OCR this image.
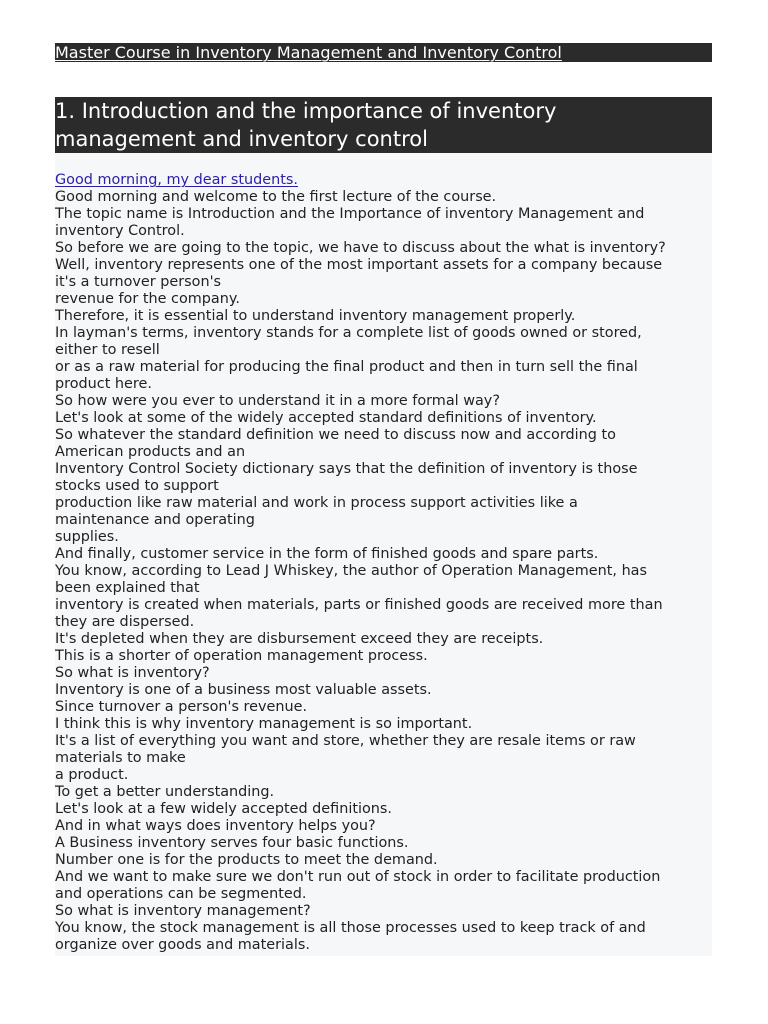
Master Course in Inventory Management and Inventory Control
1. Introduction and the importance of inventory
management and inventory control
Good morning, my dear students.
Good morning and welcome to the first lecture of the course.
The topic name is Introduction and the Importance of inventory Management and
inventory Control.
So before we are going to the topic, we have to discuss about the what is inventory?
Well, inventory represents one of the most important assets for a company because
it's a turnover person's
revenue for the company.
Therefore, it is essential to understand inventory management properly.
In layman's terms, inventory stands for a complete list of goods owned or stored,
either to resell
or as a raw material for producing the final product and then in turn sell the final
product here.
So how were you ever to understand it in a more formal way?
Let's look at some of the widely accepted standard definitions of inventory.
So whatever the standard definition we need to discuss now and according to
American products and an
Inventory Control Society dictionary says that the definition of inventory is those
stocks used to support
production like raw material and work in process support activities like a
maintenance and operating
supplies.
And finally, customer service in the form of finished goods and spare parts.
You know, according to Lead J Whiskey, the author of Operation Management, has
been explained that
inventory is created when materials, parts or finished goods are received more than
they are dispersed.
It's depleted when they are disbursement exceed they are receipts.
This is a shorter of operation management process.
So what is inventory?
Inventory is one of a business most valuable assets.
Since turnover a person's revenue.
I think this is why inventory management is so important.
It's a list of everything you want and store, whether they are resale items or raw
materials to make
a product.
To get a better understanding.
Let's look at a few widely accepted definitions.
And in what ways does inventory helps you?
A Business inventory serves four basic functions.
Number one is for the products to meet the demand.
And we want to make sure we don't run out of stock in order to facilitate production
and operations can be segmented.
So what is inventory management?
You know, the stock management is all those processes used to keep track of and
organize over goods and materials.
